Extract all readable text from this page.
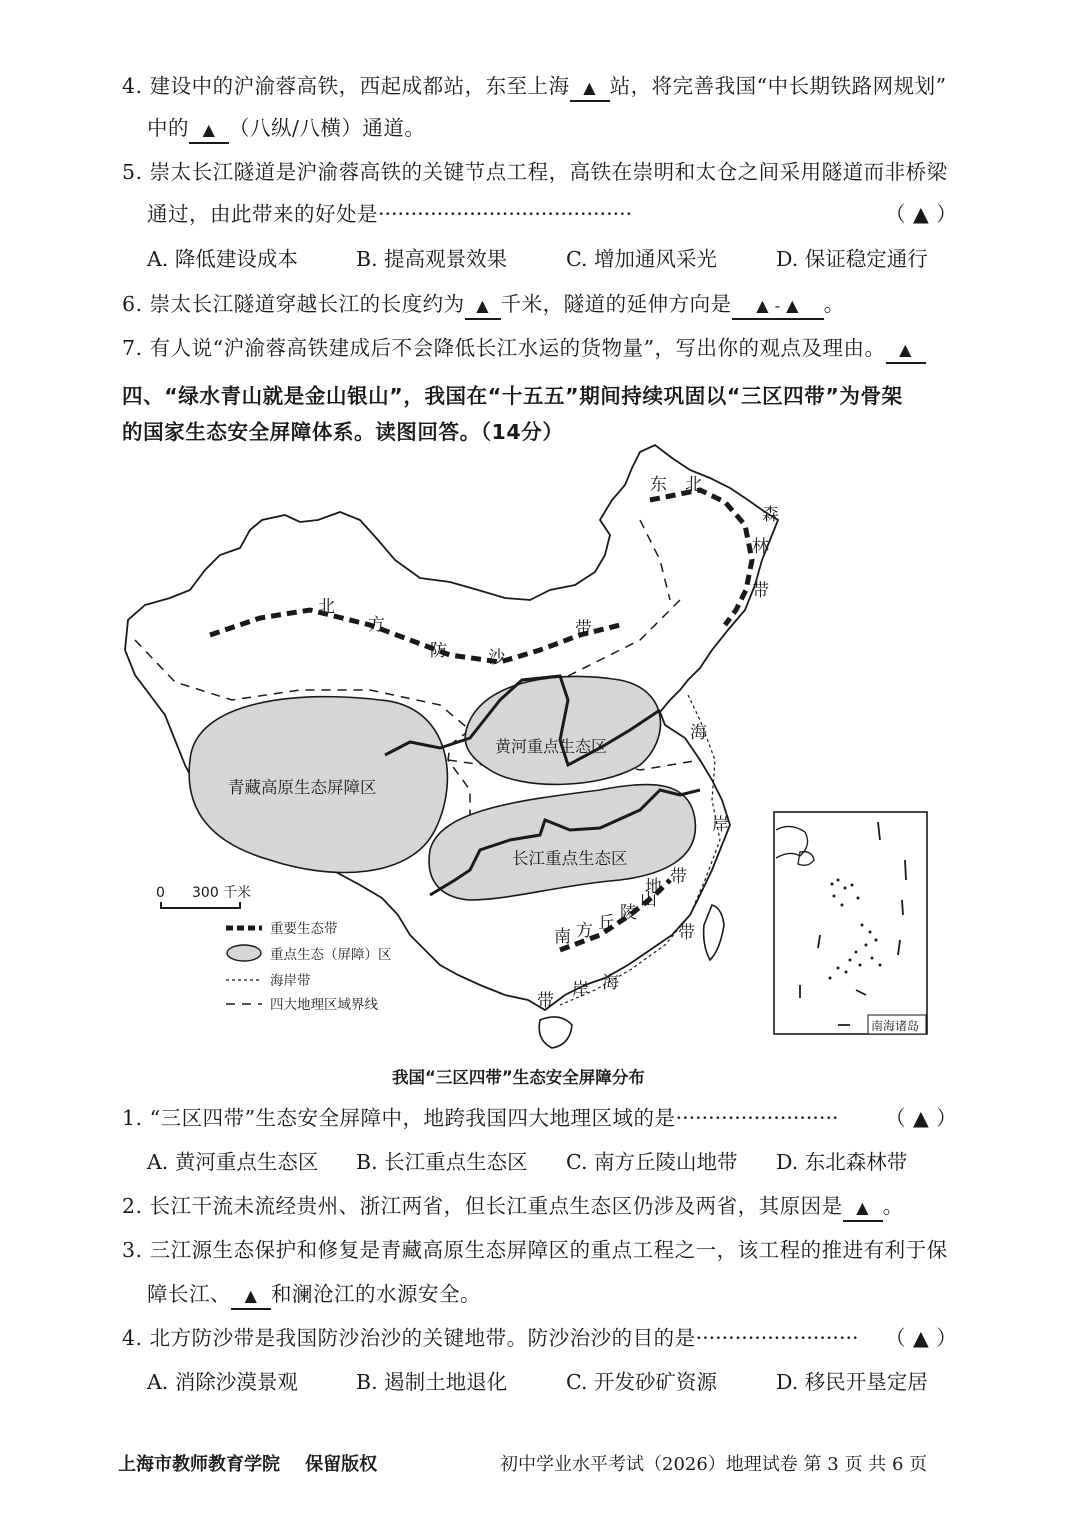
4. 建设中的沪渝蓉高铁，西起成都站，东至上海 ▲ 站，将完善我国“中长期铁路网规划”
中的 ▲ （八纵/八横）通道。
5. 崇太长江隧道是沪渝蓉高铁的关键节点工程，高铁在崇明和太仓之间采用隧道而非桥梁
通过，由此带来的好处是·······································	（ ▲ ）
A. 降低建设成本	B. 提高观景效果	C. 增加通风采光	D. 保证稳定通行
6. 崇太长江隧道穿越长江的长度约为 ▲ 千米，隧道的延伸方向是 ▲ - ▲ 。
7. 有人说“沪渝蓉高铁建成后不会降低长江水运的货物量”，写出你的观点及理由。 ▲
四、“绿水青山就是金山银山”，我国在“十五五”期间持续巩固以“三区四带”为骨架
的国家生态安全屏障体系。读图回答。（14分）
东 北
森
林
带
北
方
防 沙
带
黄河重点生态区
青藏高原生态屏障区
长江重点生态区
南 方 丘 陵
山
地 带
海
岸
带
带
岸 海
0 300 千米
重要生态带
重点生态（屏障）区
海岸带
四大地理区域界线
南海诸岛
我国“三区四带”生态安全屏障分布
1. “三区四带”生态安全屏障中，地跨我国四大地理区域的是························· （ ▲ ）
A. 黄河重点生态区 B. 长江重点生态区 C. 南方丘陵山地带 D. 东北森林带
2. 长江干流未流经贵州、浙江两省，但长江重点生态区仍涉及两省，其原因是 ▲ 。
3. 三江源生态保护和修复是青藏高原生态屏障区的重点工程之一，该工程的推进有利于保
障长江、 ▲ 和澜沧江的水源安全。
4. 北方防沙带是我国防沙治沙的关键地带。防沙治沙的目的是························· （ ▲ ）
A. 消除沙漠景观	B. 遏制土地退化	C. 开发砂矿资源	D. 移民开垦定居
上海市教师教育学院 保留版权	初中学业水平考试（2026）地理试卷 第 3 页 共 6 页
